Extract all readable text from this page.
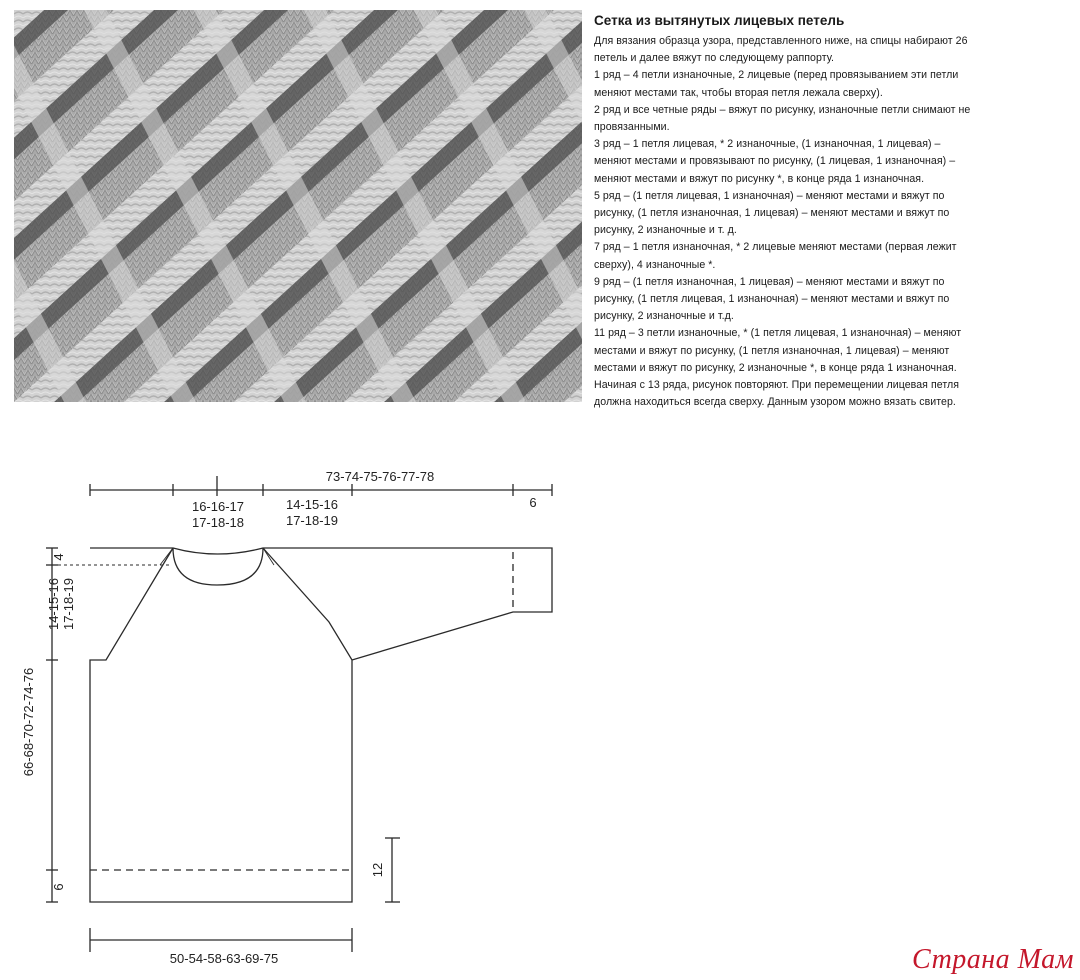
Сетка из вытянутых лицевых петель

Для вязания образца узора, представленного ниже, на спицы набирают 26
петель и далее вяжут по следующему раппорту.

1 ряд – 4 петли изнаночные, 2 лицевые (перед провязыванием эти петли
меняют местами так, чтобы вторая петля лежала сверху).

2 ряд и все четные ряды – вяжут по рисунку, изнаночные петли снимают не
провязанными.

3 ряд – 1 петля лицевая, * 2 изнаночные, (1 изнаночная, 1 лицевая) –
меняют местами и провязывают по рисунку, (1 лицевая, 1 изнаночная) –
меняют местами и вяжут по рисунку *, в конце ряда 1 изнаночная.

5 ряд – (1 петля лицевая, 1 изнаночная) – меняют местами и вяжут по
рисунку, (1 петля изнаночная, 1 лицевая) – меняют местами и вяжут по
рисунку, 2 изнаночные и т. д.

7 ряд – 1 петля изнаночная, * 2 лицевые меняют местами (первая лежит
сверху), 4 изнаночные *.

9 ряд – (1 петля изнаночная, 1 лицевая) – меняют местами и вяжут по
рисунку, (1 петля лицевая, 1 изнаночная) – меняют местами и вяжут по
рисунку, 2 изнаночные и т.д.

11 ряд – 3 петли изнаночные, * (1 петля лицевая, 1 изнаночная) – меняют
местами и вяжут по рисунку, (1 петля изнаночная, 1 лицевая) – меняют
местами и вяжут по рисунку, 2 изнаночные *, в конце ряда 1 изнаночная.
Начиная с 13 ряда, рисунок повторяют. При перемещении лицевая петля
должна находиться всегда сверху. Данным узором можно вязать свитер.

73-74-75-76-77-78
16-16-17
17-18-18
14-15-16
17-18-19
6
4
14-15-16 17-18-19
66-68-70-72-74-76
6
12
50-54-58-63-69-75	Страна Мам
